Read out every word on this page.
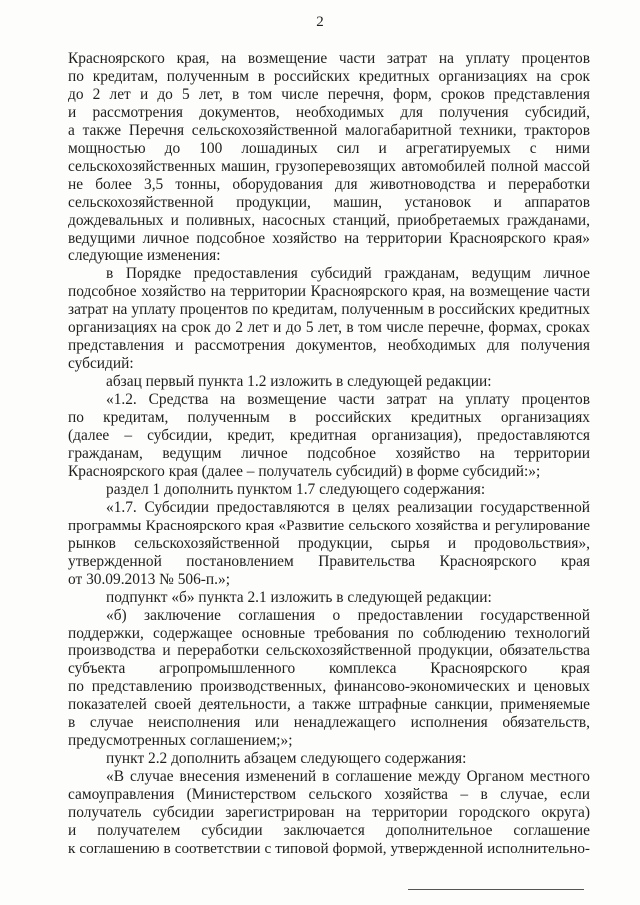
2
Красноярского края, на возмещение части затрат на уплату процентов
по кредитам, полученным в российских кредитных организациях на срок
до 2 лет и до 5 лет, в том числе перечня, форм, сроков представления
и рассмотрения документов, необходимых для получения субсидий,
а также Перечня сельскохозяйственной малогабаритной техники, тракторов
мощностью до 100 лошадиных сил и агрегатируемых с ними
сельскохозяйственных машин, грузоперевозящих автомобилей полной массой
не более 3,5 тонны, оборудования для животноводства и переработки
сельскохозяйственной продукции, машин, установок и аппаратов
дождевальных и поливных, насосных станций, приобретаемых гражданами,
ведущими личное подсобное хозяйство на территории Красноярского края»
следующие изменения:
в Порядке предоставления субсидий гражданам, ведущим личное
подсобное хозяйство на территории Красноярского края, на возмещение части
затрат на уплату процентов по кредитам, полученным в российских кредитных
организациях на срок до 2 лет и до 5 лет, в том числе перечне, формах, сроках
представления и рассмотрения документов, необходимых для получения
субсидий:
абзац первый пункта 1.2 изложить в следующей редакции:
«1.2. Средства на возмещение части затрат на уплату процентов
по кредитам, полученным в российских кредитных организациях
(далее – субсидии, кредит, кредитная организация), предоставляются
гражданам, ведущим личное подсобное хозяйство на территории
Красноярского края (далее – получатель субсидий) в форме субсидий:»;
раздел 1 дополнить пунктом 1.7 следующего содержания:
«1.7. Субсидии предоставляются в целях реализации государственной
программы Красноярского края «Развитие сельского хозяйства и регулирование
рынков сельскохозяйственной продукции, сырья и продовольствия»,
утвержденной постановлением Правительства Красноярского края
от 30.09.2013 № 506-п.»;
подпункт «б» пункта 2.1 изложить в следующей редакции:
«б) заключение соглашения о предоставлении государственной
поддержки, содержащее основные требования по соблюдению технологий
производства и переработки сельскохозяйственной продукции, обязательства
субъекта агропромышленного комплекса Красноярского края
по представлению производственных, финансово-экономических и ценовых
показателей своей деятельности, а также штрафные санкции, применяемые
в случае неисполнения или ненадлежащего исполнения обязательств,
предусмотренных соглашением;»;
пункт 2.2 дополнить абзацем следующего содержания:
«В случае внесения изменений в соглашение между Органом местного
самоуправления (Министерством сельского хозяйства – в случае, если
получатель субсидии зарегистрирован на территории городского округа)
и получателем субсидии заключается дополнительное соглашение
к соглашению в соответствии с типовой формой, утвержденной исполнительно-
